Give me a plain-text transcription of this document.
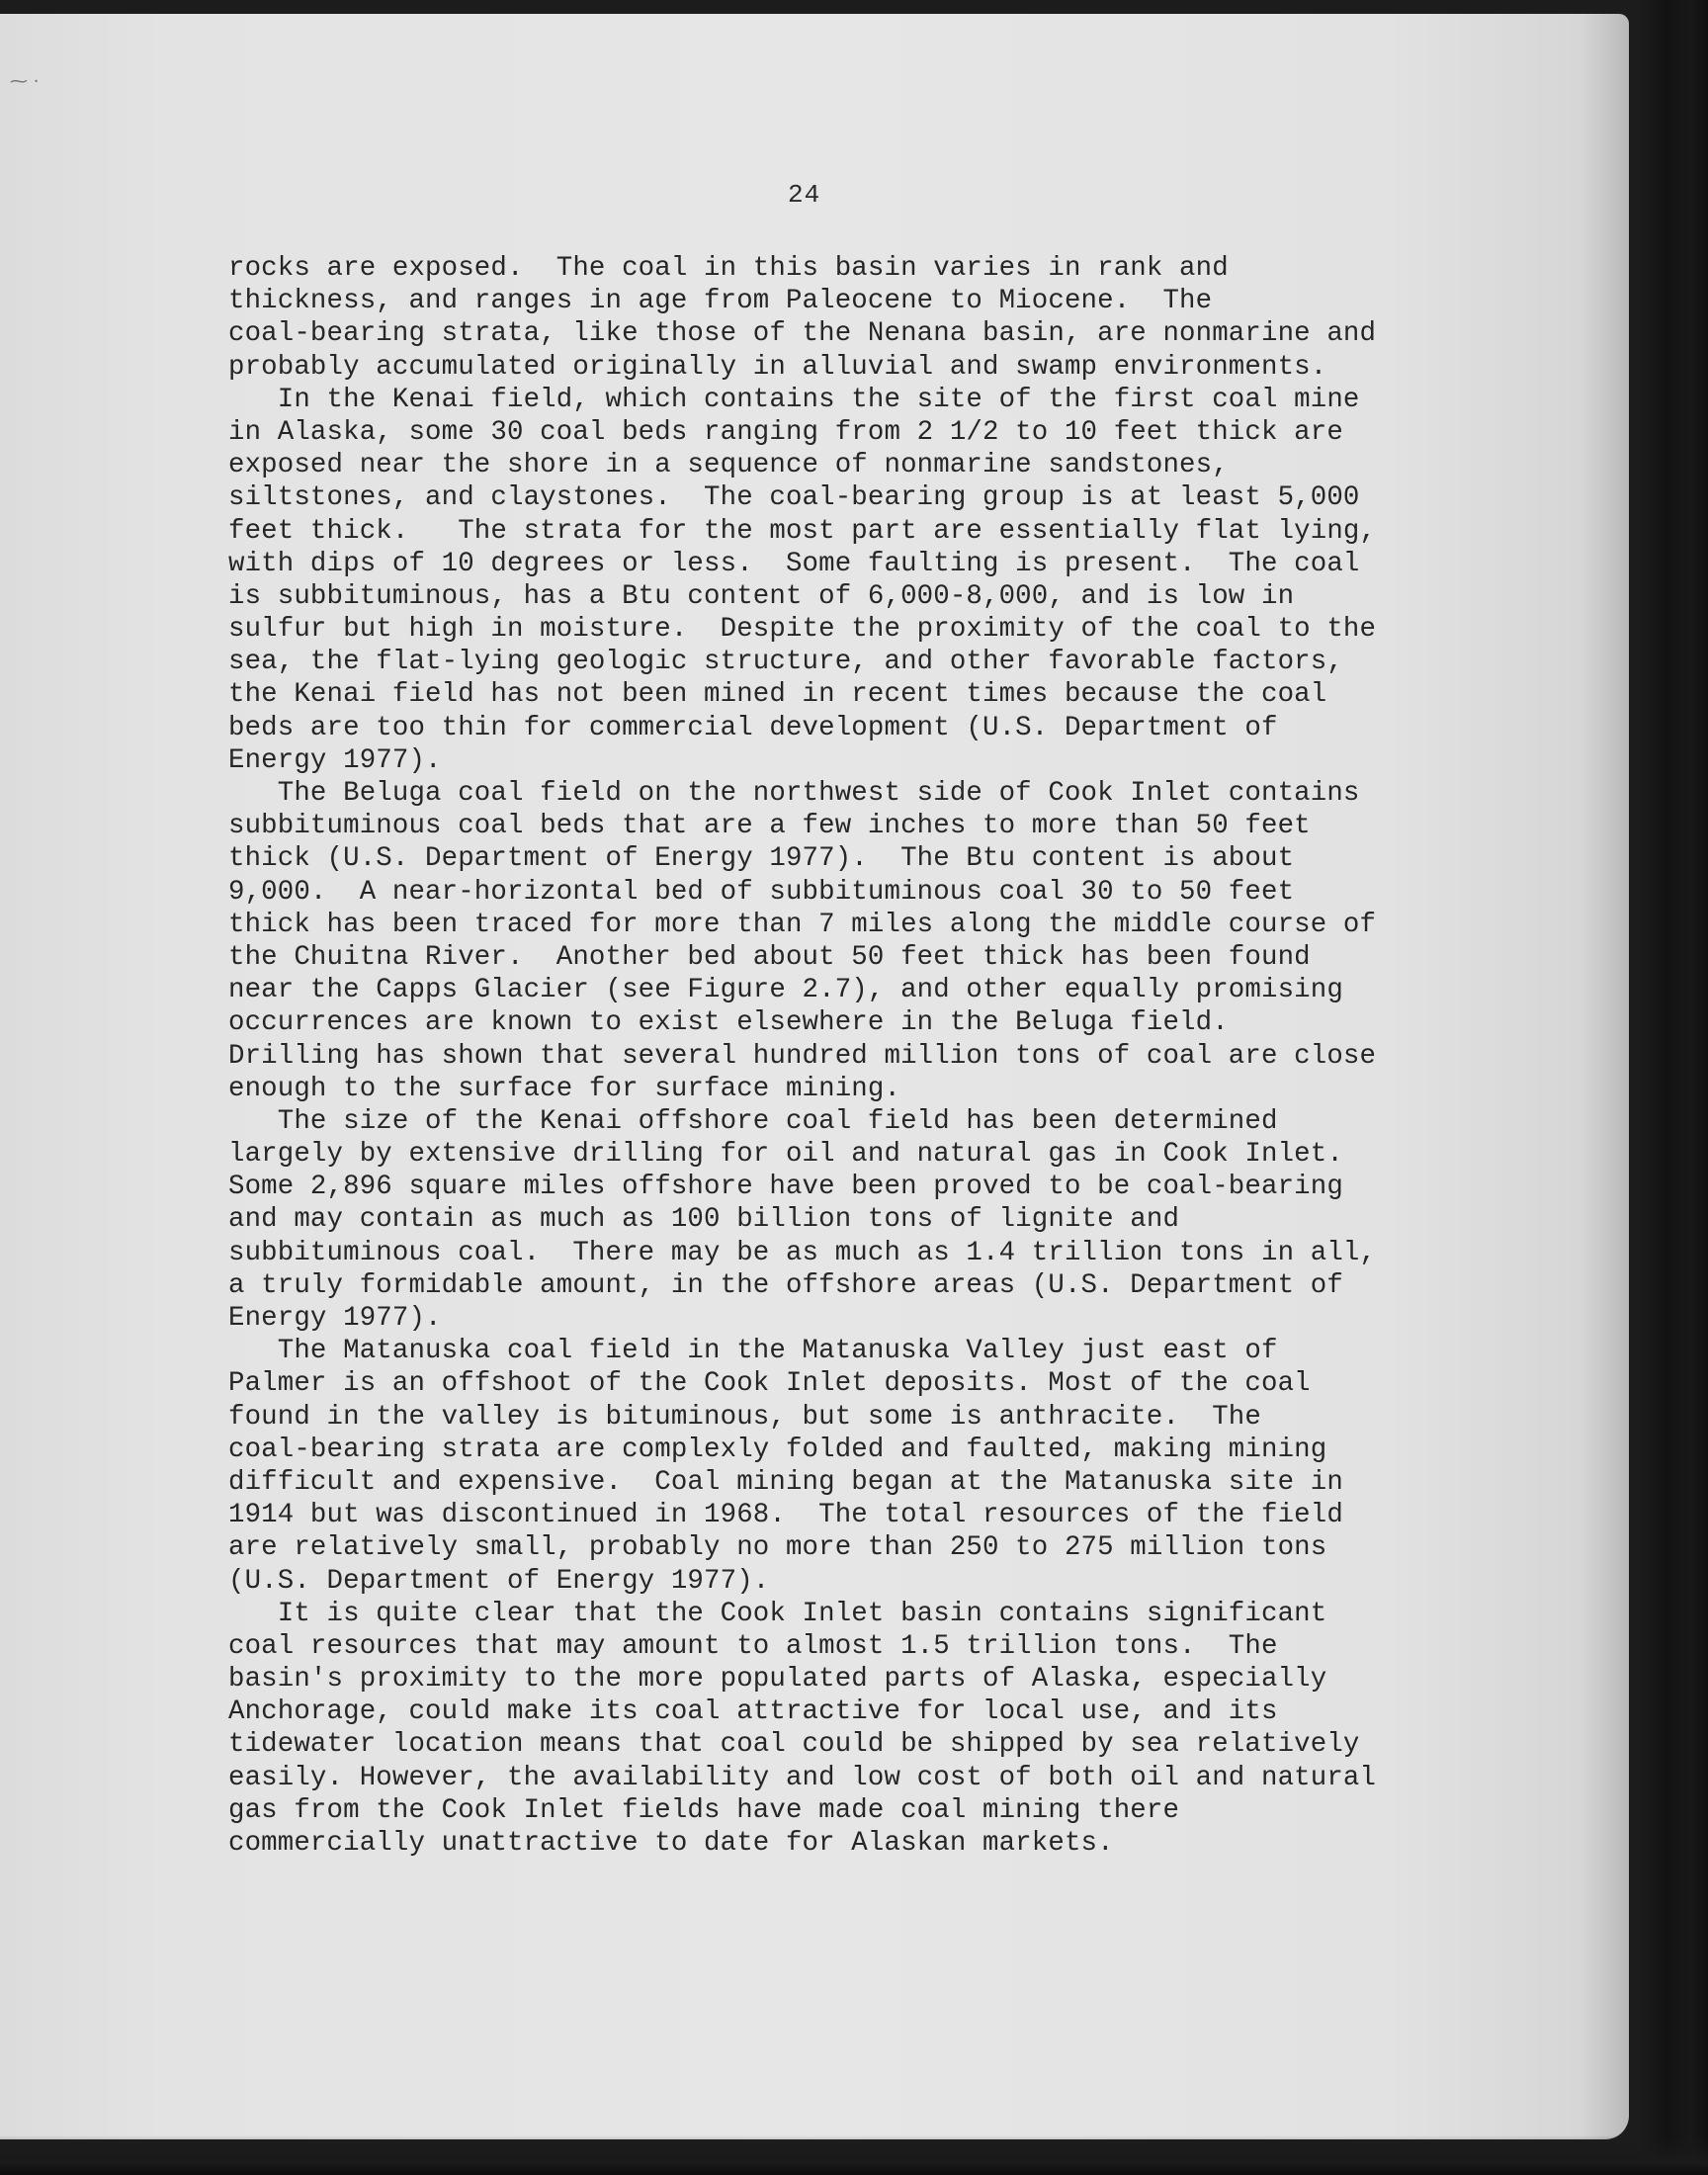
⁓ ·
24
rocks are exposed.  The coal in this basin varies in rank and
thickness, and ranges in age from Paleocene to Miocene.  The
coal-bearing strata, like those of the Nenana basin, are nonmarine and
probably accumulated originally in alluvial and swamp environments.
In the Kenai field, which contains the site of the first coal mine
in Alaska, some 30 coal beds ranging from 2 1/2 to 10 feet thick are
exposed near the shore in a sequence of nonmarine sandstones,
siltstones, and claystones.  The coal-bearing group is at least 5,000
feet thick.   The strata for the most part are essentially flat lying,
with dips of 10 degrees or less.  Some faulting is present.  The coal
is subbituminous, has a Btu content of 6,000-8,000, and is low in
sulfur but high in moisture.  Despite the proximity of the coal to the
sea, the flat-lying geologic structure, and other favorable factors,
the Kenai field has not been mined in recent times because the coal
beds are too thin for commercial development (U.S. Department of
Energy 1977).
The Beluga coal field on the northwest side of Cook Inlet contains
subbituminous coal beds that are a few inches to more than 50 feet
thick (U.S. Department of Energy 1977).  The Btu content is about
9,000.  A near-horizontal bed of subbituminous coal 30 to 50 feet
thick has been traced for more than 7 miles along the middle course of
the Chuitna River.  Another bed about 50 feet thick has been found
near the Capps Glacier (see Figure 2.7), and other equally promising
occurrences are known to exist elsewhere in the Beluga field.
Drilling has shown that several hundred million tons of coal are close
enough to the surface for surface mining.
The size of the Kenai offshore coal field has been determined
largely by extensive drilling for oil and natural gas in Cook Inlet.
Some 2,896 square miles offshore have been proved to be coal-bearing
and may contain as much as 100 billion tons of lignite and
subbituminous coal.  There may be as much as 1.4 trillion tons in all,
a truly formidable amount, in the offshore areas (U.S. Department of
Energy 1977).
The Matanuska coal field in the Matanuska Valley just east of
Palmer is an offshoot of the Cook Inlet deposits. Most of the coal
found in the valley is bituminous, but some is anthracite.  The
coal-bearing strata are complexly folded and faulted, making mining
difficult and expensive.  Coal mining began at the Matanuska site in
1914 but was discontinued in 1968.  The total resources of the field
are relatively small, probably no more than 250 to 275 million tons
(U.S. Department of Energy 1977).
It is quite clear that the Cook Inlet basin contains significant
coal resources that may amount to almost 1.5 trillion tons.  The
basin's proximity to the more populated parts of Alaska, especially
Anchorage, could make its coal attractive for local use, and its
tidewater location means that coal could be shipped by sea relatively
easily. However, the availability and low cost of both oil and natural
gas from the Cook Inlet fields have made coal mining there
commercially unattractive to date for Alaskan markets.
